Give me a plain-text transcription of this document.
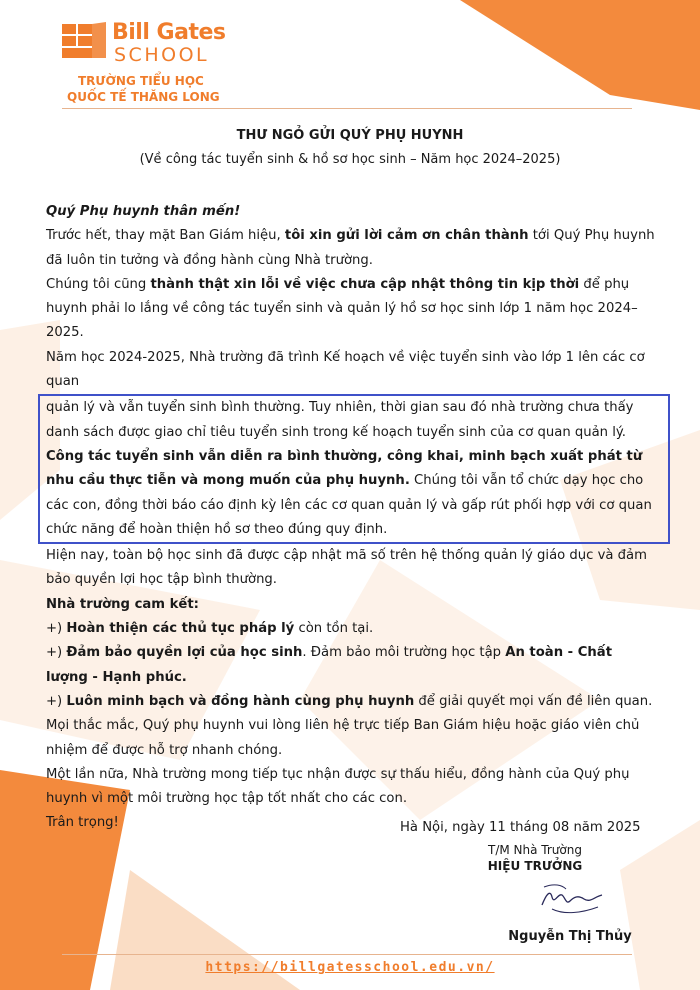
Bill Gates
SCHOOL
TRƯỜNG TIỂU HỌC
QUỐC TẾ THĂNG LONG
THƯ NGỎ GỬI QUÝ PHỤ HUYNH
(Về công tác tuyển sinh & hồ sơ học sinh – Năm học 2024–2025)

Quý Phụ huynh thân mến!

Trước hết, thay mặt Ban Giám hiệu, tôi xin gửi lời cảm ơn chân thành tới Quý Phụ huynh đã luôn tin tưởng và đồng hành cùng Nhà trường.

Chúng tôi cũng thành thật xin lỗi về việc chưa cập nhật thông tin kịp thời để phụ huynh phải lo lắng về công tác tuyển sinh và quản lý hồ sơ học sinh lớp 1 năm học 2024–2025.

Năm học 2024-2025, Nhà trường đã trình Kế hoạch về việc tuyển sinh vào lớp 1 lên các cơ quan

quản lý và vẫn tuyển sinh bình thường. Tuy nhiên, thời gian sau đó nhà trường chưa thấy danh sách được giao chỉ tiêu tuyển sinh trong kế hoạch tuyển sinh của cơ quan quản lý. Công tác tuyển sinh vẫn diễn ra bình thường, công khai, minh bạch xuất phát từ nhu cầu thực tiễn và mong muốn của phụ huynh. Chúng tôi vẫn tổ chức dạy học cho các con, đồng thời báo cáo định kỳ lên các cơ quan quản lý và gấp rút phối hợp với cơ quan chức năng để hoàn thiện hồ sơ theo đúng quy định.

Hiện nay, toàn bộ học sinh đã được cập nhật mã số trên hệ thống quản lý giáo dục và đảm bảo quyền lợi học tập bình thường.

Nhà trường cam kết:

+) Hoàn thiện các thủ tục pháp lý còn tồn tại.

+) Đảm bảo quyền lợi của học sinh. Đảm bảo môi trường học tập An toàn - Chất lượng - Hạnh phúc.

+) Luôn minh bạch và đồng hành cùng phụ huynh để giải quyết mọi vấn đề liên quan.

Mọi thắc mắc, Quý phụ huynh vui lòng liên hệ trực tiếp Ban Giám hiệu hoặc giáo viên chủ nhiệm để được hỗ trợ nhanh chóng.

Một lần nữa, Nhà trường mong tiếp tục nhận được sự thấu hiểu, đồng hành của Quý phụ huynh vì một môi trường học tập tốt nhất cho các con.

Trân trọng!	Hà Nội, ngày 11 tháng 08 năm 2025
T/M Nhà Trường
HIỆU TRƯỞNG
Nguyễn Thị Thủy
https://billgatesschool.edu.vn/
